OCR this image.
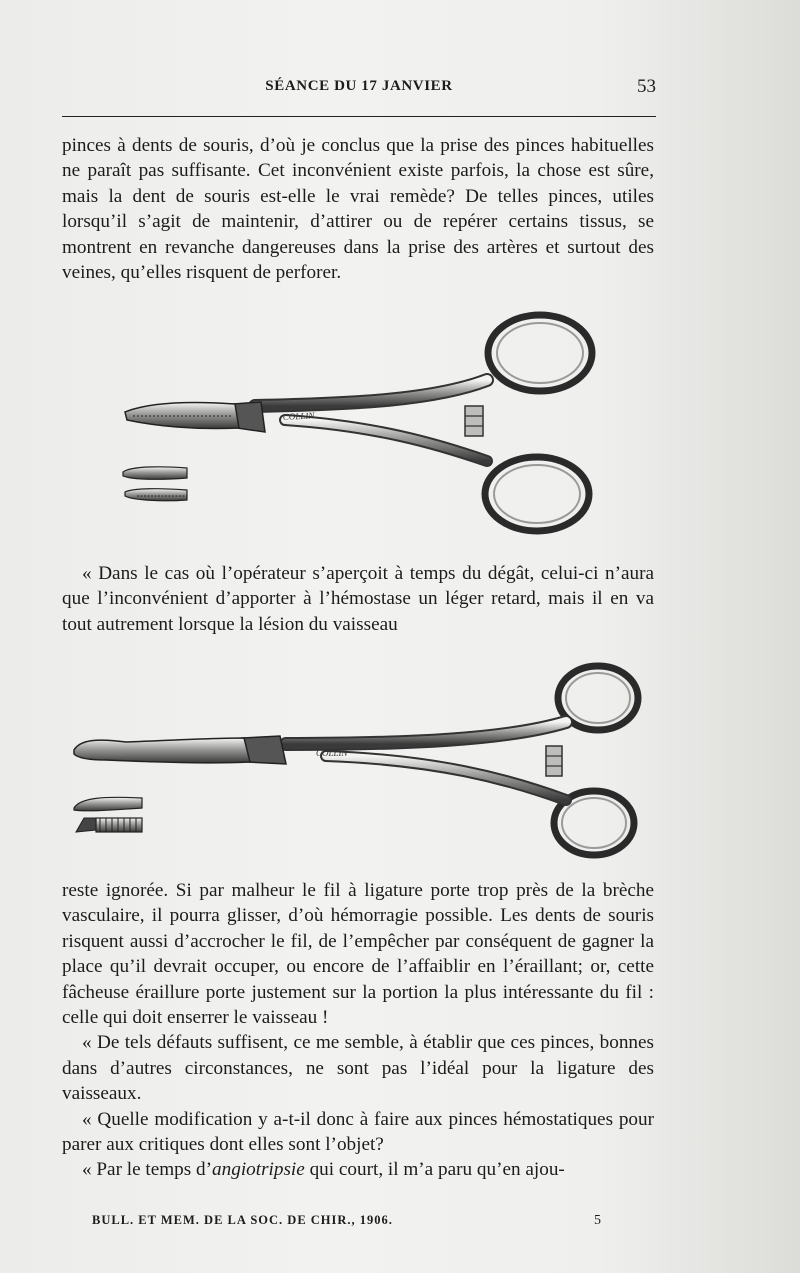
SÉANCE DU 17 JANVIER	53
pinces à dents de souris, d’où je conclus que la prise des pinces habituelles ne paraît pas suffisante. Cet inconvénient existe parfois, la chose est sûre, mais la dent de souris est-elle le vrai remède? De telles pinces, utiles lorsqu’il s’agit de maintenir, d’attirer ou de repérer certains tissus, se montrent en revanche dangereuses dans la prise des artères et surtout des veines, qu’elles risquent de perforer.
COLLIN
« Dans le cas où l’opérateur s’aperçoit à temps du dégât, celui-ci n’aura que l’inconvénient d’apporter à l’hémostase un léger retard, mais il en va tout autrement lorsque la lésion du vaisseau
COLLIN

reste ignorée. Si par malheur le fil à ligature porte trop près de la brèche vasculaire, il pourra glisser, d’où hémorragie possible. Les dents de souris risquent aussi d’accrocher le fil, de l’empêcher par conséquent de gagner la place qu’il devrait occuper, ou encore de l’affaiblir en l’éraillant; or, cette fâcheuse éraillure porte justement sur la portion la plus intéressante du fil : celle qui doit enserrer le vaisseau !

« De tels défauts suffisent, ce me semble, à établir que ces pinces, bonnes dans d’autres circonstances, ne sont pas l’idéal pour la ligature des vaisseaux.

« Quelle modification y a-t-il donc à faire aux pinces hémostatiques pour parer aux critiques dont elles sont l’objet?

« Par le temps d’angiotripsie qui court, il m’a paru qu’en ajou-

BULL. ET MEM. DE LA SOC. DE CHIR., 1906.	5
